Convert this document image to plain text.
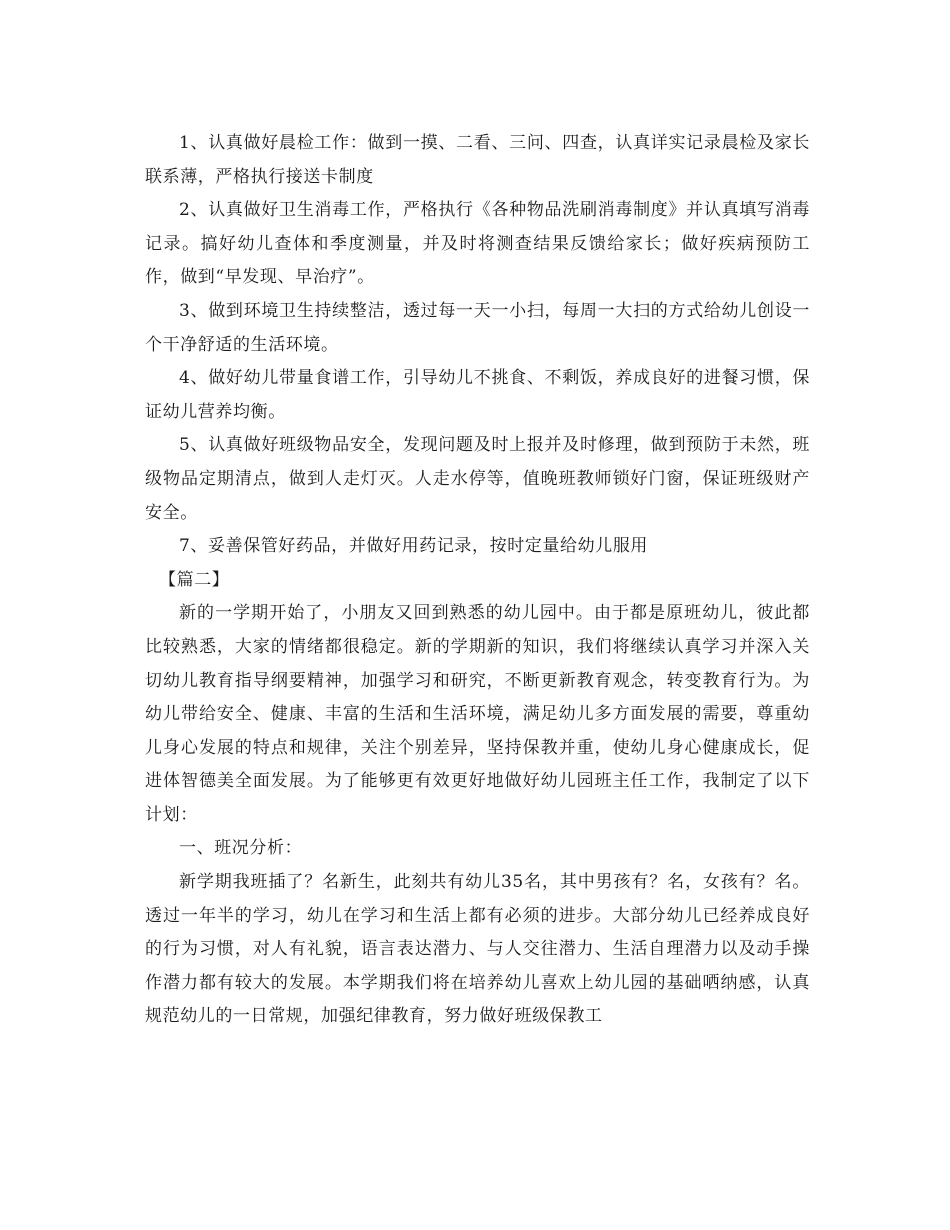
1、认真做好晨检工作：做到一摸、二看、三问、四查，认真详实记录晨检及家长联系薄，严格执行接送卡制度

2、认真做好卫生消毒工作，严格执行《各种物品洗刷消毒制度》并认真填写消毒记录。搞好幼儿查体和季度测量，并及时将测查结果反馈给家长；做好疾病预防工作，做到“早发现、早治疗”。

3、做到环境卫生持续整洁，透过每一天一小扫，每周一大扫的方式给幼儿创设一个干净舒适的生活环境。

4、做好幼儿带量食谱工作，引导幼儿不挑食、不剩饭，养成良好的进餐习惯，保证幼儿营养均衡。

5、认真做好班级物品安全，发现问题及时上报并及时修理，做到预防于未然，班级物品定期清点，做到人走灯灭。人走水停等，值晚班教师锁好门窗，保证班级财产安全。

7、妥善保管好药品，并做好用药记录，按时定量给幼儿服用

【篇二】

新的一学期开始了，小朋友又回到熟悉的幼儿园中。由于都是原班幼儿，彼此都比较熟悉，大家的情绪都很稳定。新的学期新的知识，我们将继续认真学习并深入关切幼儿教育指导纲要精神，加强学习和研究，不断更新教育观念，转变教育行为。为幼儿带给安全、健康、丰富的生活和生活环境，满足幼儿多方面发展的需要，尊重幼儿身心发展的特点和规律，关注个别差异，坚持保教并重，使幼儿身心健康成长，促进体智德美全面发展。为了能够更有效更好地做好幼儿园班主任工作，我制定了以下计划：

一、班况分析：

新学期我班插了？名新生，此刻共有幼儿35名，其中男孩有？名，女孩有？名。透过一年半的学习，幼儿在学习和生活上都有必须的进步。大部分幼儿已经养成良好的行为习惯，对人有礼貌，语言表达潜力、与人交往潜力、生活自理潜力以及动手操作潜力都有较大的发展。本学期我们将在培养幼儿喜欢上幼儿园的基础哂纳感，认真规范幼儿的一日常规，加强纪律教育，努力做好班级保教工
